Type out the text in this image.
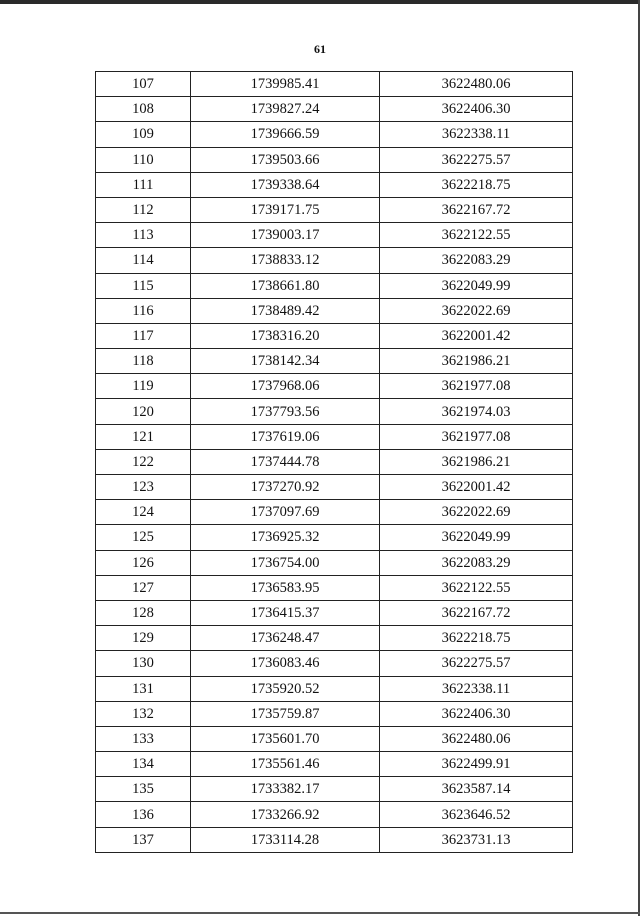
61
107	1739985.41	3622480.06
108	1739827.24	3622406.30
109	1739666.59	3622338.11
110	1739503.66	3622275.57
111	1739338.64	3622218.75
112	1739171.75	3622167.72
113	1739003.17	3622122.55
114	1738833.12	3622083.29
115	1738661.80	3622049.99
116	1738489.42	3622022.69
117	1738316.20	3622001.42
118	1738142.34	3621986.21
119	1737968.06	3621977.08
120	1737793.56	3621974.03
121	1737619.06	3621977.08
122	1737444.78	3621986.21
123	1737270.92	3622001.42
124	1737097.69	3622022.69
125	1736925.32	3622049.99
126	1736754.00	3622083.29
127	1736583.95	3622122.55
128	1736415.37	3622167.72
129	1736248.47	3622218.75
130	1736083.46	3622275.57
131	1735920.52	3622338.11
132	1735759.87	3622406.30
133	1735601.70	3622480.06
134	1735561.46	3622499.91
135	1733382.17	3623587.14
136	1733266.92	3623646.52
137	1733114.28	3623731.13
